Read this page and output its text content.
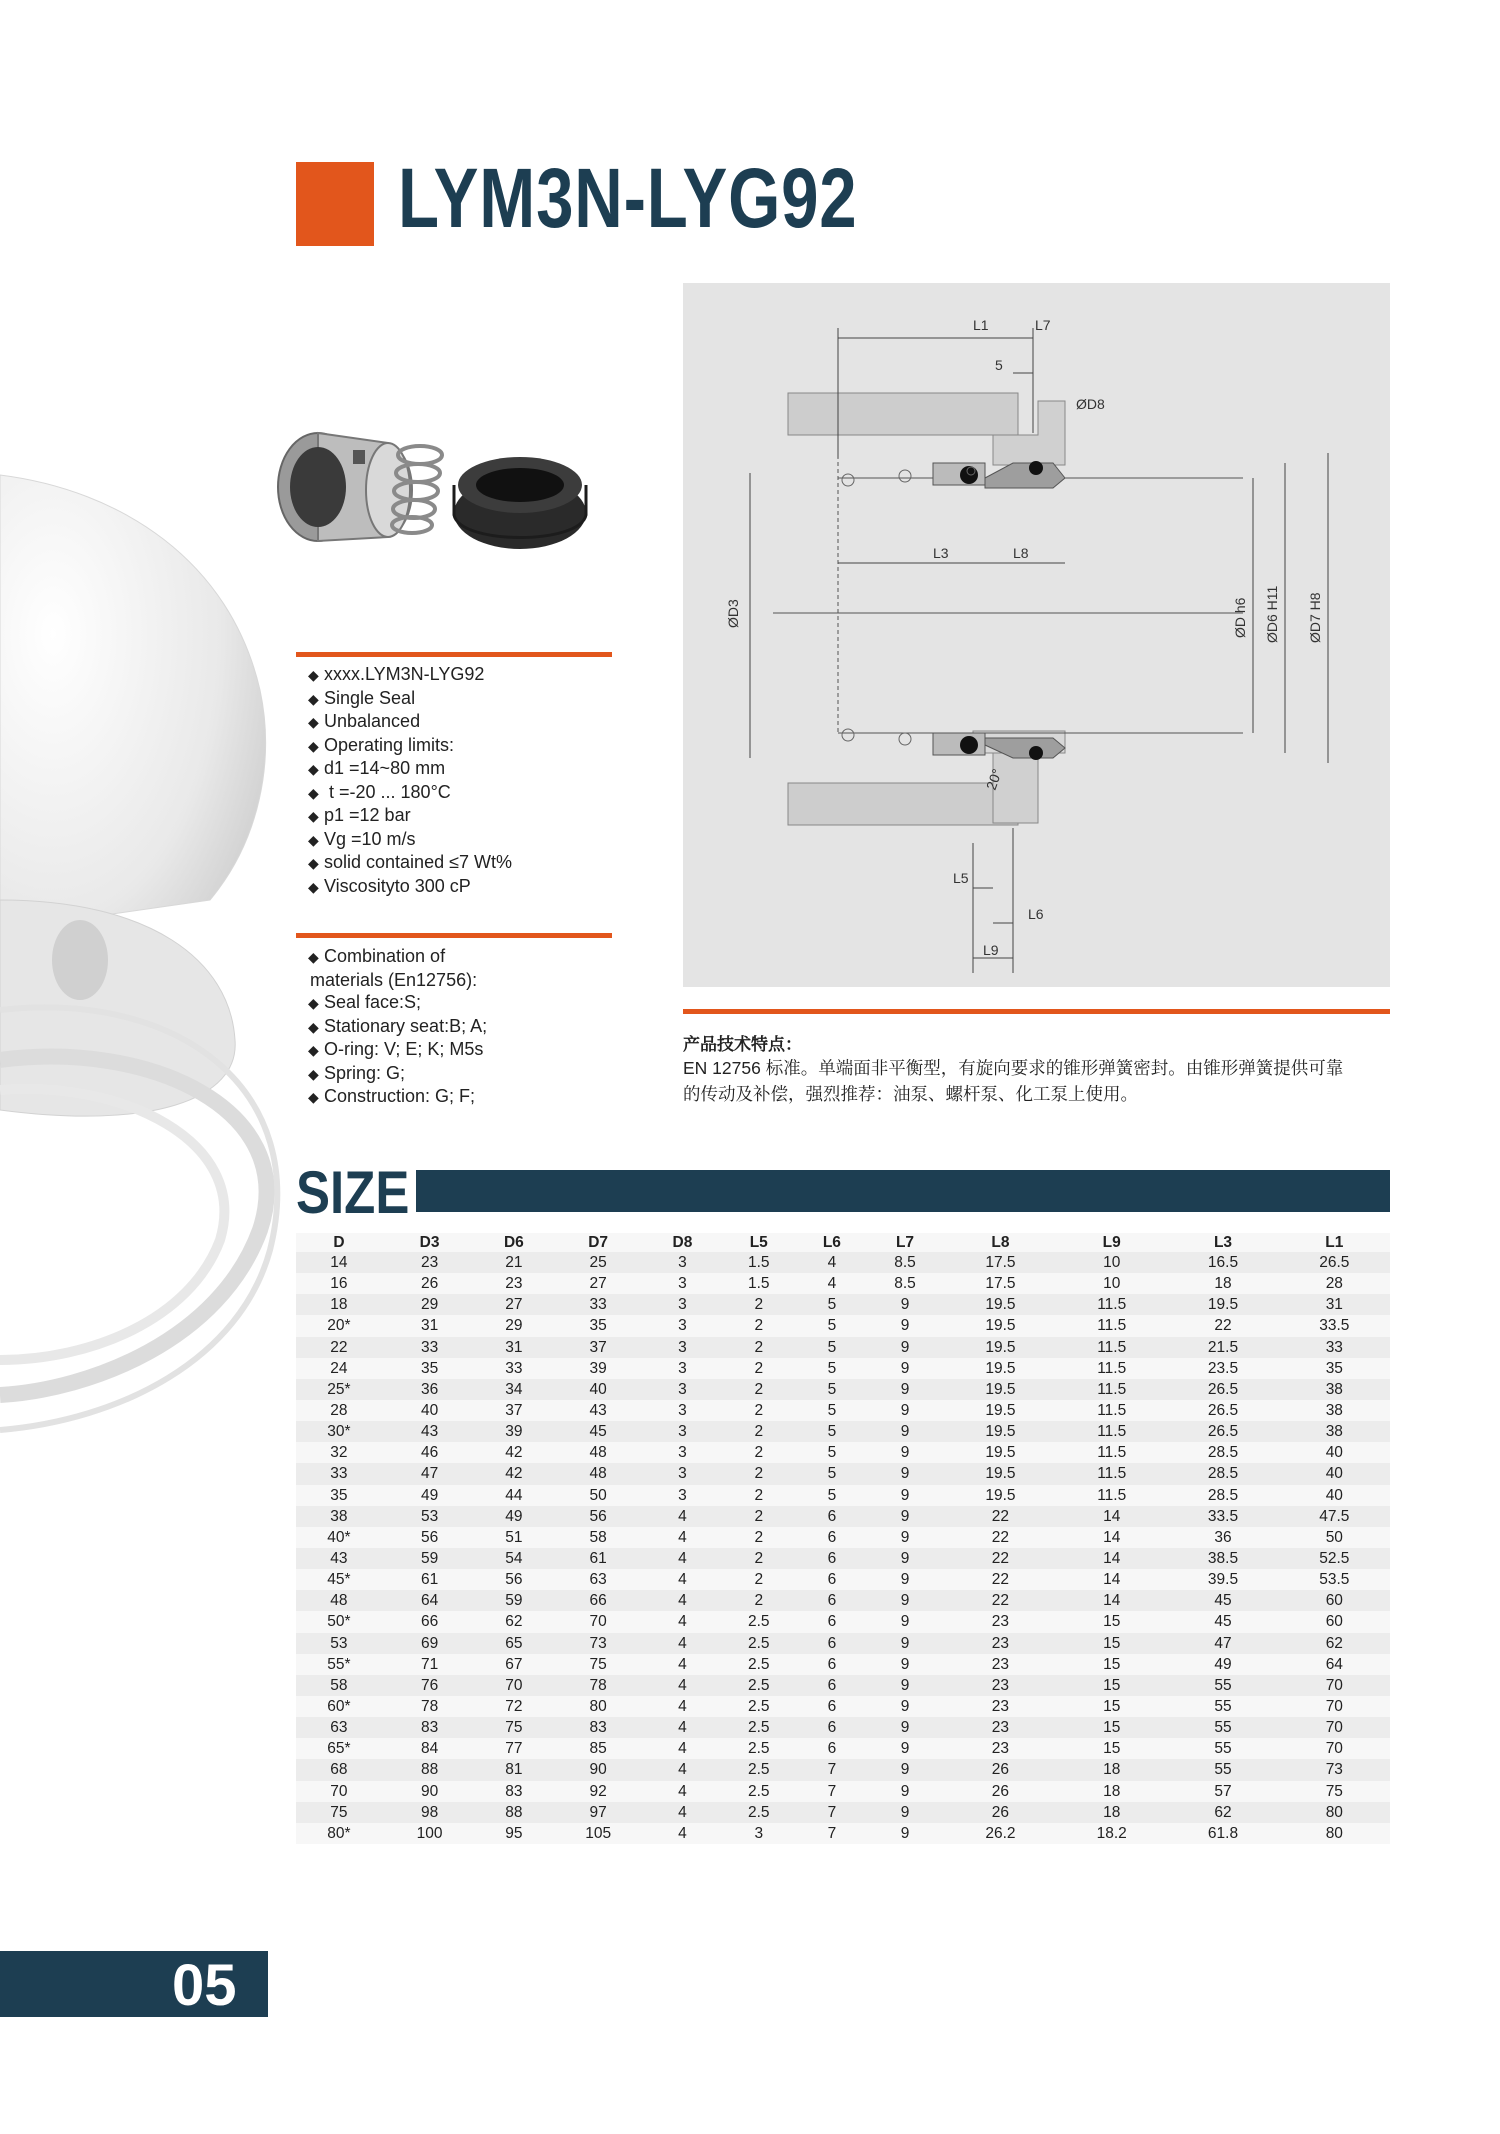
LYM3N-LYG92
◆ xxxx.LYM3N-LYG92
◆ Single Seal
◆ Unbalanced
◆ Operating limits:
◆ d1 =14~80 mm
◆ t =-20 ... 180°C
◆ p1 =12 bar
◆ Vg =10 m/s
◆ solid contained ≤7 Wt%
◆ Viscosityto 300 cP
◆ Combination of
materials (En12756):
◆ Seal face:S;
◆ Stationary seat:B; A;
◆ O-ring: V; E; K; M5s
◆ Spring: G;
◆ Construction: G; F;
L1	L7
5
ØD8
L3	L8
ØD3	ØD h6 ØD6 H11 ØD7 H8
20°
L5
L6
L9
产品技术特点：
EN 12756 标准。单端面非平衡型，有旋向要求的锥形弹簧密封。由锥形弹簧提供可靠
的传动及补偿，强烈推荐：油泵、螺杆泵、化工泵上使用。
SIZE
D	D3	D6	D7	D8	L5	L6	L7	L8	L9	L3	L1
14	23	21	25	3	1.5	4	8.5	17.5	10	16.5	26.5
16	26	23	27	3	1.5	4	8.5	17.5	10	18	28
18	29	27	33	3	2	5	9	19.5	11.5	19.5	31
20*	31	29	35	3	2	5	9	19.5	11.5	22	33.5
22	33	31	37	3	2	5	9	19.5	11.5	21.5	33
24	35	33	39	3	2	5	9	19.5	11.5	23.5	35
25*	36	34	40	3	2	5	9	19.5	11.5	26.5	38
28	40	37	43	3	2	5	9	19.5	11.5	26.5	38
30*	43	39	45	3	2	5	9	19.5	11.5	26.5	38
32	46	42	48	3	2	5	9	19.5	11.5	28.5	40
33	47	42	48	3	2	5	9	19.5	11.5	28.5	40
35	49	44	50	3	2	5	9	19.5	11.5	28.5	40
38	53	49	56	4	2	6	9	22	14	33.5	47.5
40*	56	51	58	4	2	6	9	22	14	36	50
43	59	54	61	4	2	6	9	22	14	38.5	52.5
45*	61	56	63	4	2	6	9	22	14	39.5	53.5
48	64	59	66	4	2	6	9	22	14	45	60
50*	66	62	70	4	2.5	6	9	23	15	45	60
53	69	65	73	4	2.5	6	9	23	15	47	62
55*	71	67	75	4	2.5	6	9	23	15	49	64
58	76	70	78	4	2.5	6	9	23	15	55	70
60*	78	72	80	4	2.5	6	9	23	15	55	70
63	83	75	83	4	2.5	6	9	23	15	55	70
65*	84	77	85	4	2.5	6	9	23	15	55	70
68	88	81	90	4	2.5	7	9	26	18	55	73
70	90	83	92	4	2.5	7	9	26	18	57	75
75	98	88	97	4	2.5	7	9	26	18	62	80
80*	100	95	105	4	3	7	9	26.2	18.2	61.8	80
05
